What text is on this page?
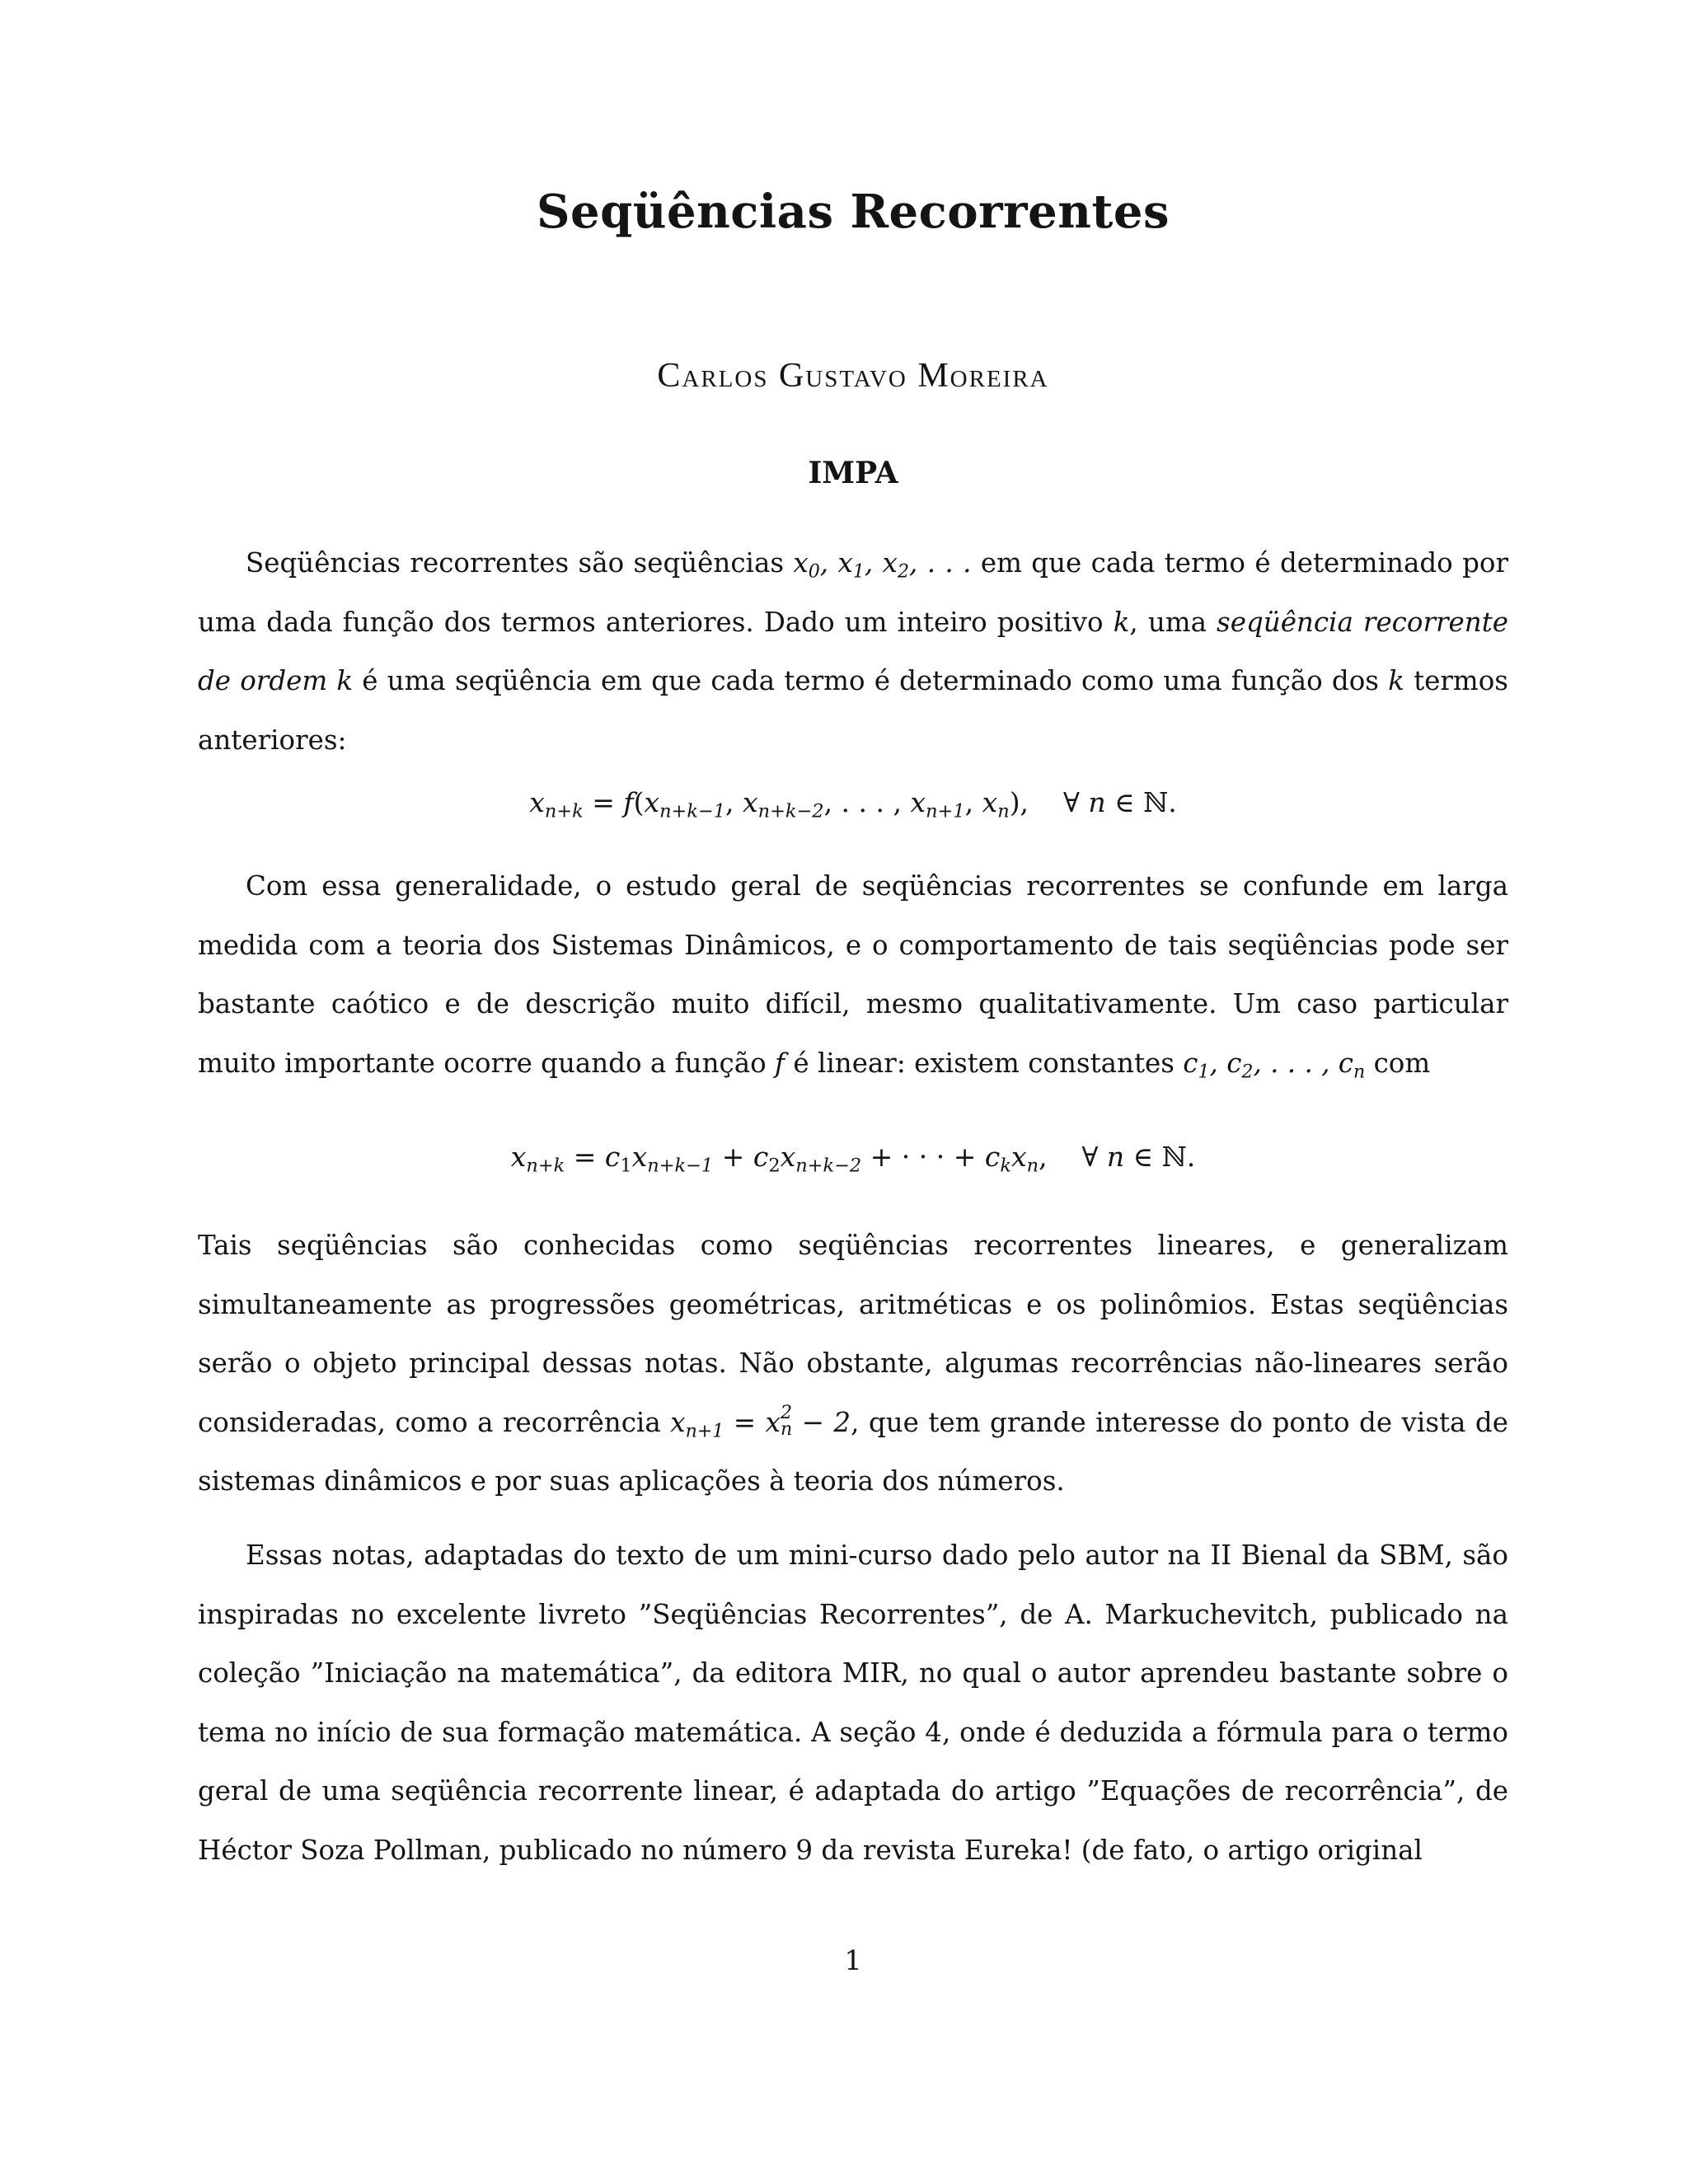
Seqüências Recorrentes
Carlos Gustavo Moreira
IMPA

Seqüências recorrentes são seqüências $x_0$, $x_1$, $x_2$, . . . em que cada termo é determinado por uma dada função dos termos anteriores. Dado um inteiro positivo k, uma seqüência recorrente de ordem k é uma seqüência em que cada termo é determinado como uma função dos k termos anteriores:

$x_{n+k} = f(x_{n+k-1}$, $x_{n+k-2}$, . . . , $x_{n+1}$, $x_n$),    ∀ n ∈ ℕ.

Com essa generalidade, o estudo geral de seqüências recorrentes se confunde em larga medida com a teoria dos Sistemas Dinâmicos, e o comportamento de tais seqüências pode ser bastante caótico e de descrição muito difícil, mesmo qualitativamente. Um caso particular muito importante ocorre quando a função f é linear: existem constantes $c_1$, $c_2$, . . . , $c_n$ com

$x_{n+k} = c_1x_{n+k-1} + c_2x_{n+k-2}$ + · · · + $c_kx_n$,    ∀ n ∈ ℕ.

Tais seqüências são conhecidas como seqüências recorrentes lineares, e generalizam simultaneamente as progressões geométricas, aritméticas e os polinômios. Estas seqüências serão o objeto principal dessas notas. Não obstante, algumas recorrências não-lineares serão consideradas, como a recorrência $x_{n+1} = x$ 2
n − 2, que tem grande interesse do ponto de vista de sistemas dinâmicos e por suas aplicações à teoria dos números.

Essas notas, adaptadas do texto de um mini-curso dado pelo autor na II Bienal da SBM, são inspiradas no excelente livreto ”Seqüências Recorrentes”, de A. Markuchevitch, publicado na coleção ”Iniciação na matemática”, da editora MIR, no qual o autor aprendeu bastante sobre o tema no início de sua formação matemática. A seção 4, onde é deduzida a fórmula para o termo geral de uma seqüência recorrente linear, é adaptada do artigo ”Equações de recorrência”, de Héctor Soza Pollman, publicado no número 9 da revista Eureka! (de fato, o artigo original

1
